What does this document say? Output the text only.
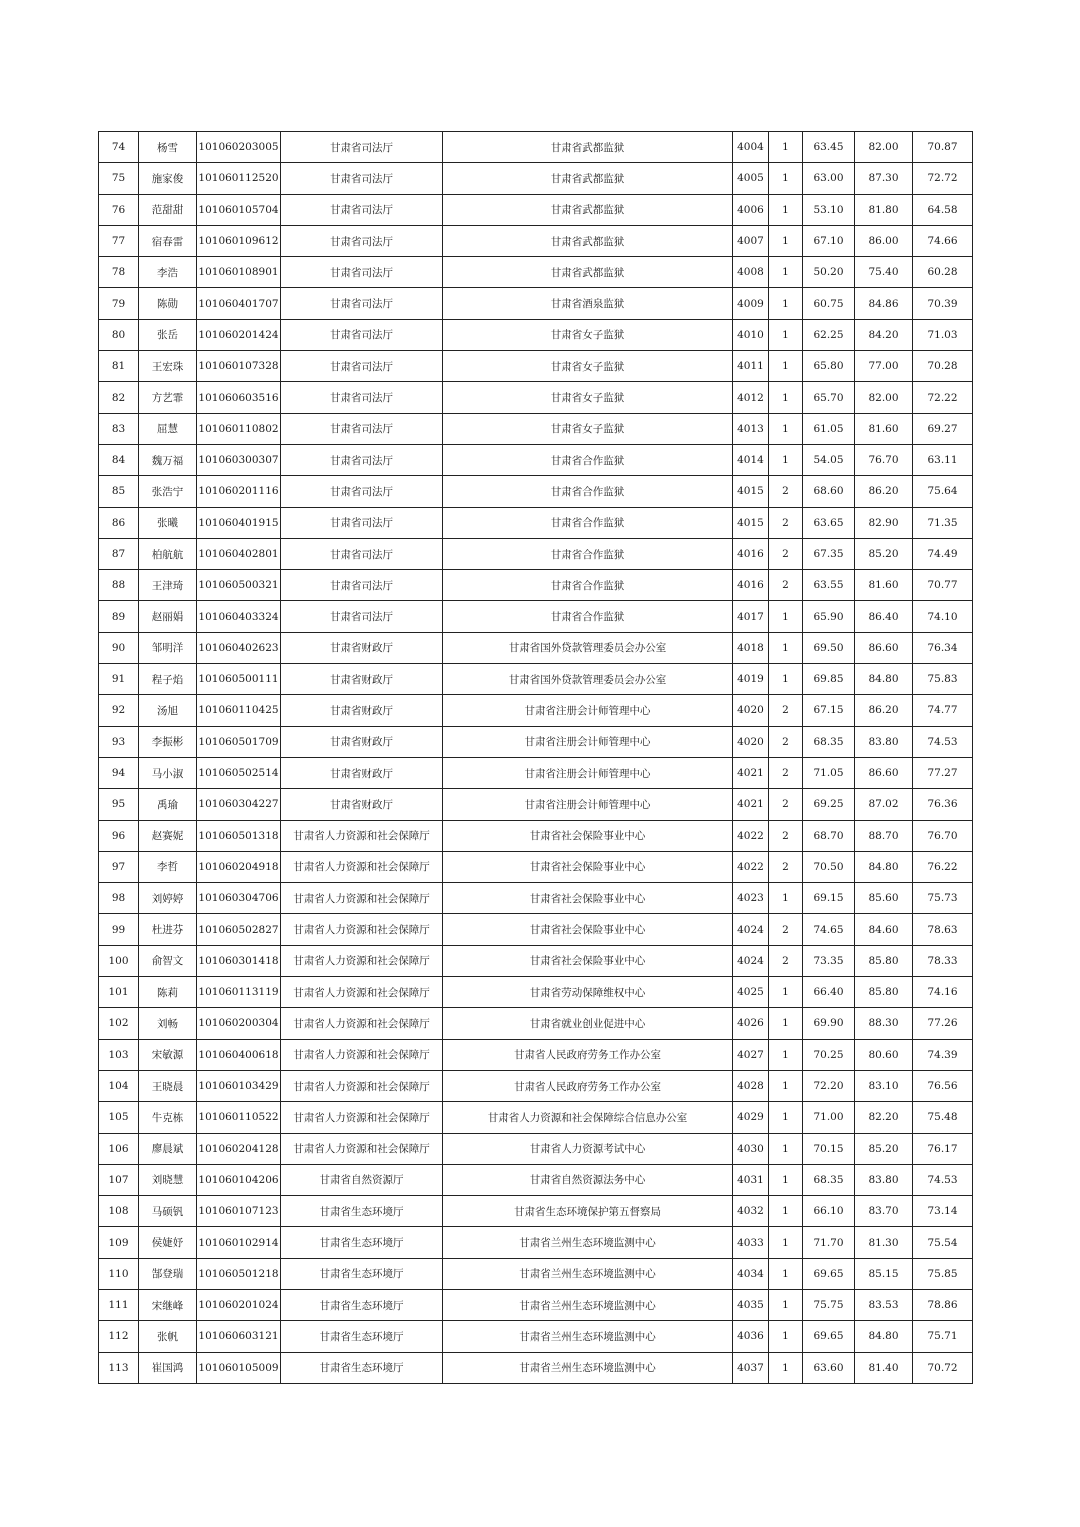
74	杨雪	101060203005	甘肃省司法厅	甘肃省武都监狱	4004	1	63.45	82.00	70.87
75	施家俊	101060112520	甘肃省司法厅	甘肃省武都监狱	4005	1	63.00	87.30	72.72
76	范甜甜	101060105704	甘肃省司法厅	甘肃省武都监狱	4006	1	53.10	81.80	64.58
77	宿春雷	101060109612	甘肃省司法厅	甘肃省武都监狱	4007	1	67.10	86.00	74.66
78	李浩	101060108901	甘肃省司法厅	甘肃省武都监狱	4008	1	50.20	75.40	60.28
79	陈勋	101060401707	甘肃省司法厅	甘肃省酒泉监狱	4009	1	60.75	84.86	70.39
80	张岳	101060201424	甘肃省司法厅	甘肃省女子监狱	4010	1	62.25	84.20	71.03
81	王宏珠	101060107328	甘肃省司法厅	甘肃省女子监狱	4011	1	65.80	77.00	70.28
82	方艺霏	101060603516	甘肃省司法厅	甘肃省女子监狱	4012	1	65.70	82.00	72.22
83	屈慧	101060110802	甘肃省司法厅	甘肃省女子监狱	4013	1	61.05	81.60	69.27
84	魏万福	101060300307	甘肃省司法厅	甘肃省合作监狱	4014	1	54.05	76.70	63.11
85	张浩宁	101060201116	甘肃省司法厅	甘肃省合作监狱	4015	2	68.60	86.20	75.64
86	张曦	101060401915	甘肃省司法厅	甘肃省合作监狱	4015	2	63.65	82.90	71.35
87	柏航航	101060402801	甘肃省司法厅	甘肃省合作监狱	4016	2	67.35	85.20	74.49
88	王津琦	101060500321	甘肃省司法厅	甘肃省合作监狱	4016	2	63.55	81.60	70.77
89	赵丽娟	101060403324	甘肃省司法厅	甘肃省合作监狱	4017	1	65.90	86.40	74.10
90	邹明洋	101060402623	甘肃省财政厅	甘肃省国外贷款管理委员会办公室	4018	1	69.50	86.60	76.34
91	程子焰	101060500111	甘肃省财政厅	甘肃省国外贷款管理委员会办公室	4019	1	69.85	84.80	75.83
92	汤旭	101060110425	甘肃省财政厅	甘肃省注册会计师管理中心	4020	2	67.15	86.20	74.77
93	李振彬	101060501709	甘肃省财政厅	甘肃省注册会计师管理中心	4020	2	68.35	83.80	74.53
94	马小淑	101060502514	甘肃省财政厅	甘肃省注册会计师管理中心	4021	2	71.05	86.60	77.27
95	禹瑜	101060304227	甘肃省财政厅	甘肃省注册会计师管理中心	4021	2	69.25	87.02	76.36
96	赵赛妮	101060501318	甘肃省人力资源和社会保障厅	甘肃省社会保险事业中心	4022	2	68.70	88.70	76.70
97	李哲	101060204918	甘肃省人力资源和社会保障厅	甘肃省社会保险事业中心	4022	2	70.50	84.80	76.22
98	刘婷婷	101060304706	甘肃省人力资源和社会保障厅	甘肃省社会保险事业中心	4023	1	69.15	85.60	75.73
99	杜进芬	101060502827	甘肃省人力资源和社会保障厅	甘肃省社会保险事业中心	4024	2	74.65	84.60	78.63
100	俞智文	101060301418	甘肃省人力资源和社会保障厅	甘肃省社会保险事业中心	4024	2	73.35	85.80	78.33
101	陈莉	101060113119	甘肃省人力资源和社会保障厅	甘肃省劳动保障维权中心	4025	1	66.40	85.80	74.16
102	刘畅	101060200304	甘肃省人力资源和社会保障厅	甘肃省就业创业促进中心	4026	1	69.90	88.30	77.26
103	宋敏源	101060400618	甘肃省人力资源和社会保障厅	甘肃省人民政府劳务工作办公室	4027	1	70.25	80.60	74.39
104	王晓晨	101060103429	甘肃省人力资源和社会保障厅	甘肃省人民政府劳务工作办公室	4028	1	72.20	83.10	76.56
105	牛克栋	101060110522	甘肃省人力资源和社会保障厅	甘肃省人力资源和社会保障综合信息办公室	4029	1	71.00	82.20	75.48
106	廖晨斌	101060204128	甘肃省人力资源和社会保障厅	甘肃省人力资源考试中心	4030	1	70.15	85.20	76.17
107	刘晓慧	101060104206	甘肃省自然资源厅	甘肃省自然资源法务中心	4031	1	68.35	83.80	74.53
108	马硕钒	101060107123	甘肃省生态环境厅	甘肃省生态环境保护第五督察局	4032	1	66.10	83.70	73.14
109	侯婕妤	101060102914	甘肃省生态环境厅	甘肃省兰州生态环境监测中心	4033	1	71.70	81.30	75.54
110	郜登瑞	101060501218	甘肃省生态环境厅	甘肃省兰州生态环境监测中心	4034	1	69.65	85.15	75.85
111	宋继峰	101060201024	甘肃省生态环境厅	甘肃省兰州生态环境监测中心	4035	1	75.75	83.53	78.86
112	张帆	101060603121	甘肃省生态环境厅	甘肃省兰州生态环境监测中心	4036	1	69.65	84.80	75.71
113	崔国鸿	101060105009	甘肃省生态环境厅	甘肃省兰州生态环境监测中心	4037	1	63.60	81.40	70.72
